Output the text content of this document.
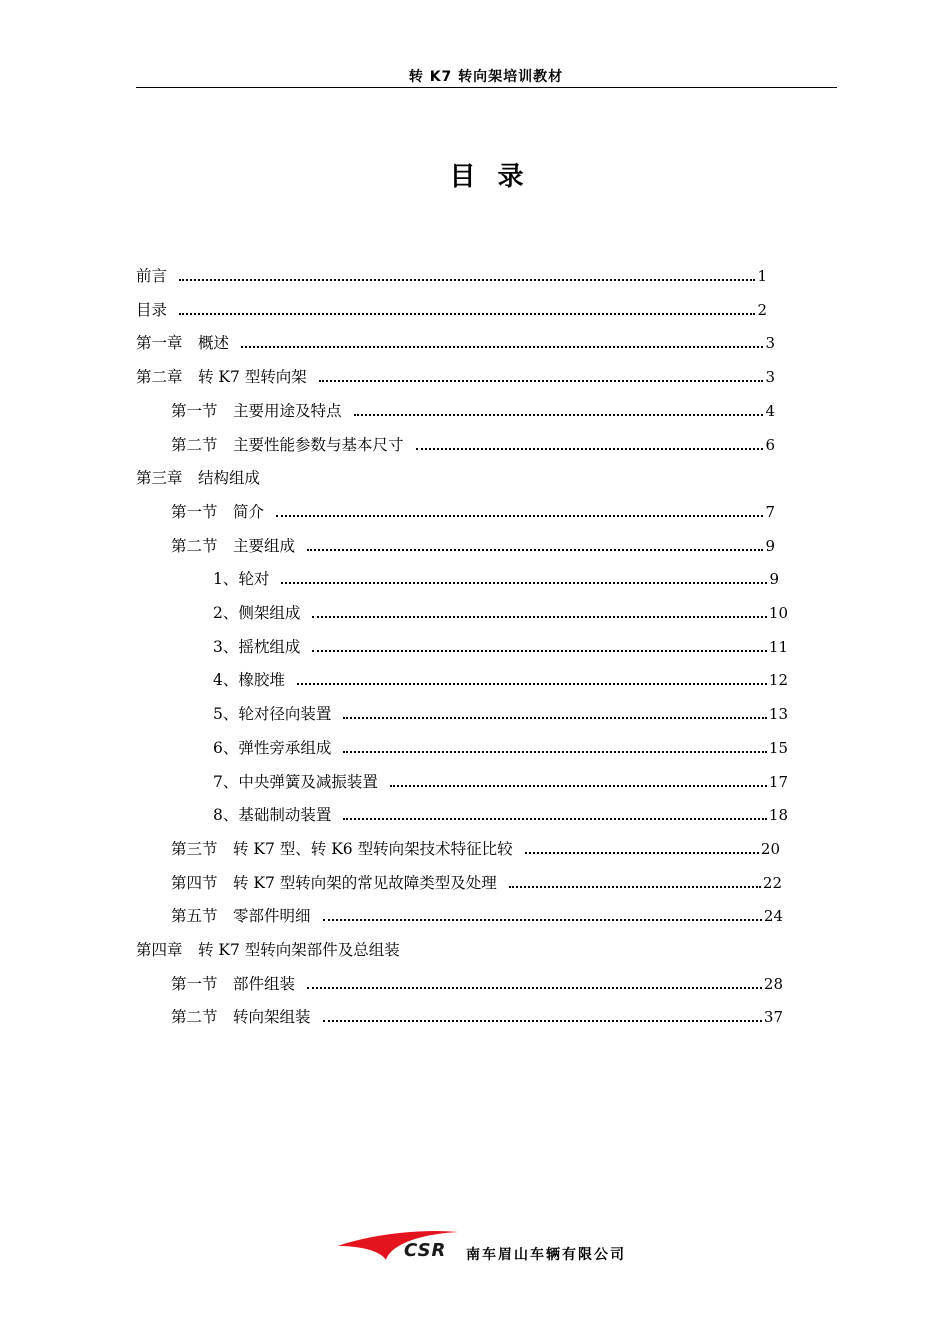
转 K7 转向架培训教材
目录
前言	1
目录	2
第一章　概述	3
第二章　转 K7 型转向架	3
第一节　主要用途及特点	4
第二节　主要性能参数与基本尺寸	6
第三章　结构组成
第一节　简介	7
第二节　主要组成	9
1、轮对	9
2、侧架组成	10
3、摇枕组成	11
4、橡胶堆	12
5、轮对径向装置	13
6、弹性旁承组成	15
7、中央弹簧及减振装置	17
8、基础制动装置	18
第三节　转 K7 型、转 K6 型转向架技术特征比较	20
第四节　转 K7 型转向架的常见故障类型及处理	22
第五节　零部件明细	24
第四章　转 K7 型转向架部件及总组装
第一节　部件组装	28
第二节　转向架组装	37
CSR 南车眉山车辆有限公司
